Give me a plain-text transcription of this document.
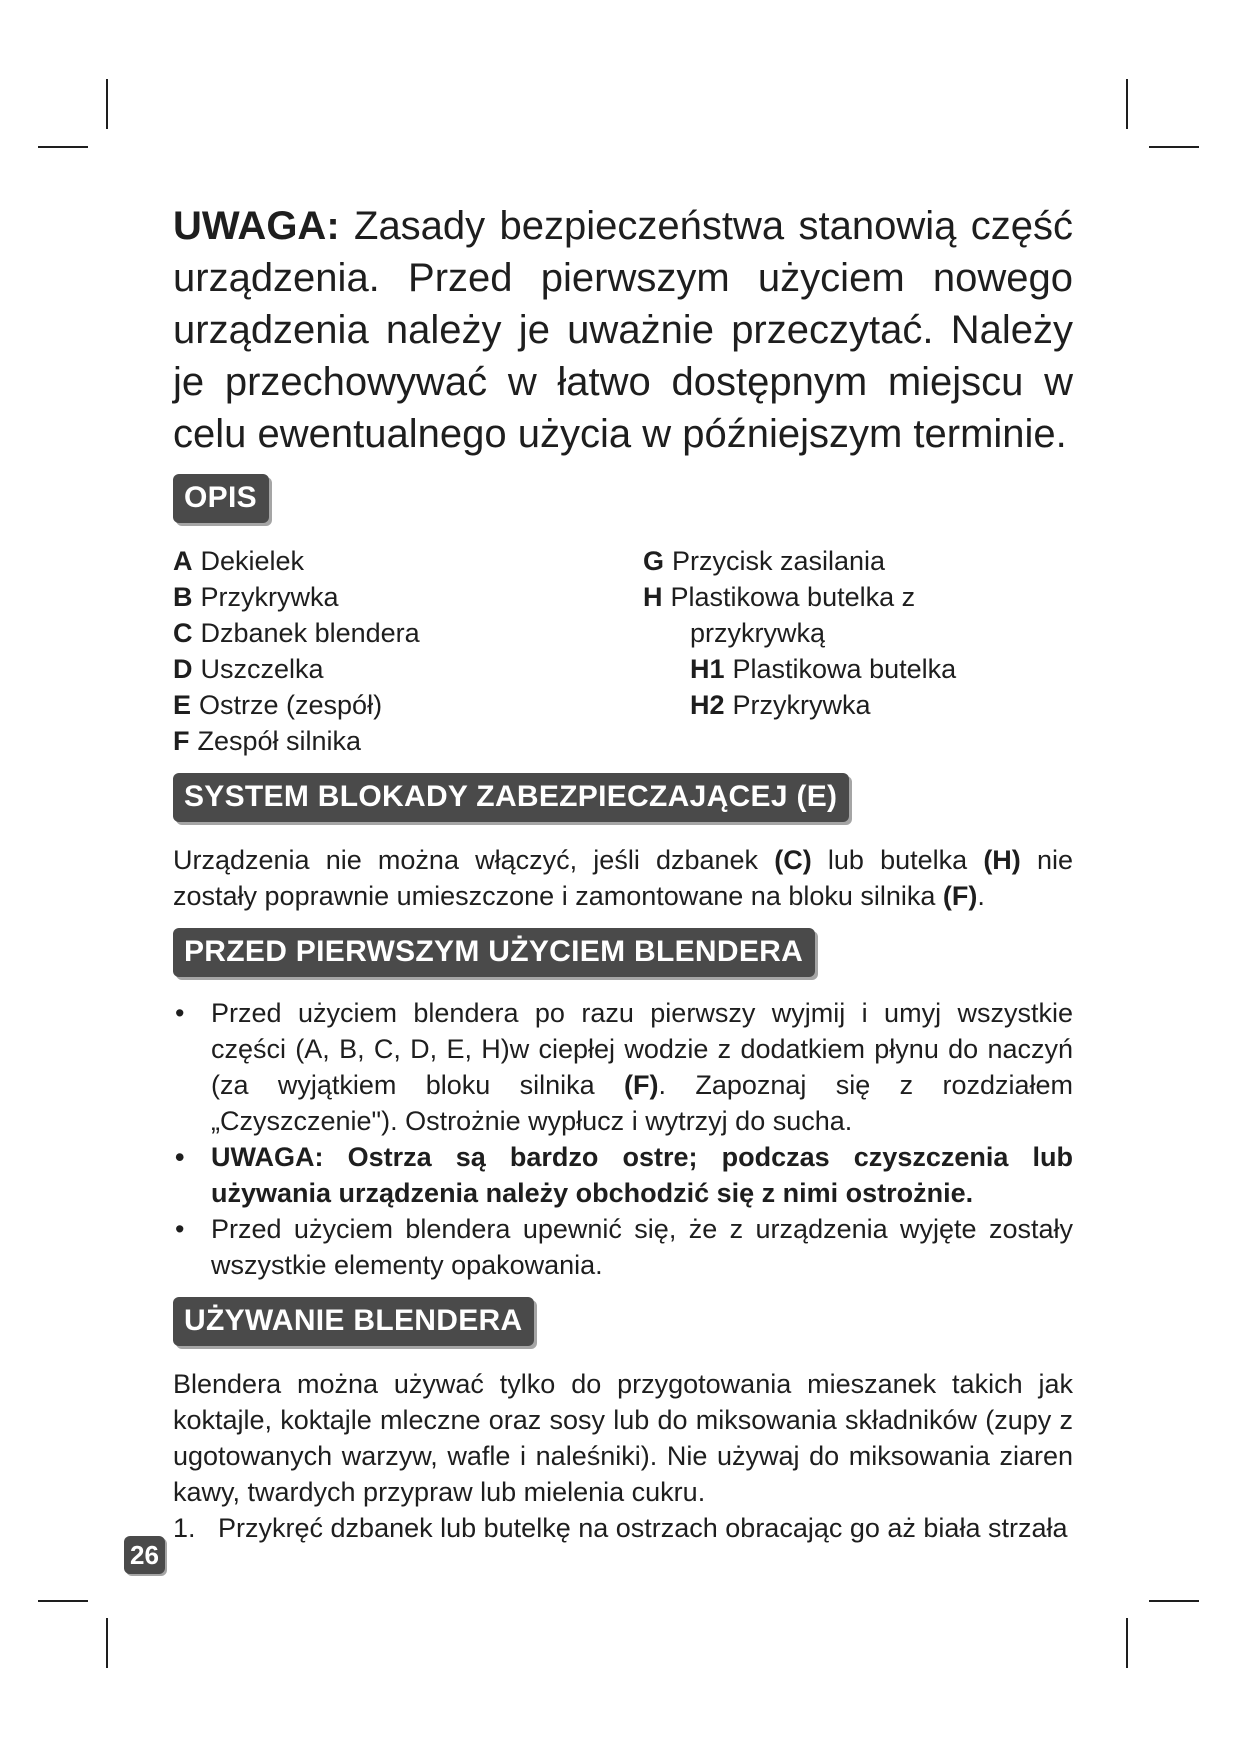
UWAGA: Zasady bezpieczeństwa stanowią część urządzenia. Przed pierwszym użyciem nowego urządzenia należy je uważnie przeczytać. Należy je przechowywać w łatwo dostępnym miejscu w celu ewentualnego użycia w późniejszym terminie.

OPIS

A Dekielek

B Przykrywka

C Dzbanek blendera

D Uszczelka

E Ostrze (zespół)

F Zespół silnika

G Przycisk zasilania

H Plastikowa butelka z

przykrywką

H1 Plastikowa butelka

H2 Przykrywka

SYSTEM BLOKADY ZABEZPIECZAJĄCEJ (E)

Urządzenia nie można włączyć, jeśli dzbanek (C) lub butelka (H) nie zostały poprawnie umieszczone i zamontowane na bloku silnika (F).

PRZED PIERWSZYM UŻYCIEM BLENDERA
• Przed użyciem blendera po razu pierwszy wyjmij i umyj wszystkie części (A, B, C, D, E, H)w ciepłej wodzie z dodatkiem płynu do naczyń (za wyjątkiem bloku silnika (F). Zapoznaj się z rozdziałem „Czyszczenie"). Ostrożnie wypłucz i wytrzyj do sucha.
• UWAGA: Ostrza są bardzo ostre; podczas czyszczenia lub używania urządzenia należy obchodzić się z nimi ostrożnie.
• Przed użyciem blendera upewnić się, że z urządzenia wyjęte zostały wszystkie elementy opakowania.
UŻYWANIE BLENDERA

Blendera można używać tylko do przygotowania mieszanek takich jak koktajle, koktajle mleczne oraz sosy lub do miksowania składników (zupy z ugotowanych warzyw, wafle i naleśniki). Nie używaj do miksowania ziaren kawy, twardych przypraw lub mielenia cukru.

1.   Przykręć dzbanek lub butelkę na ostrzach obracając go aż biała strzała

26
